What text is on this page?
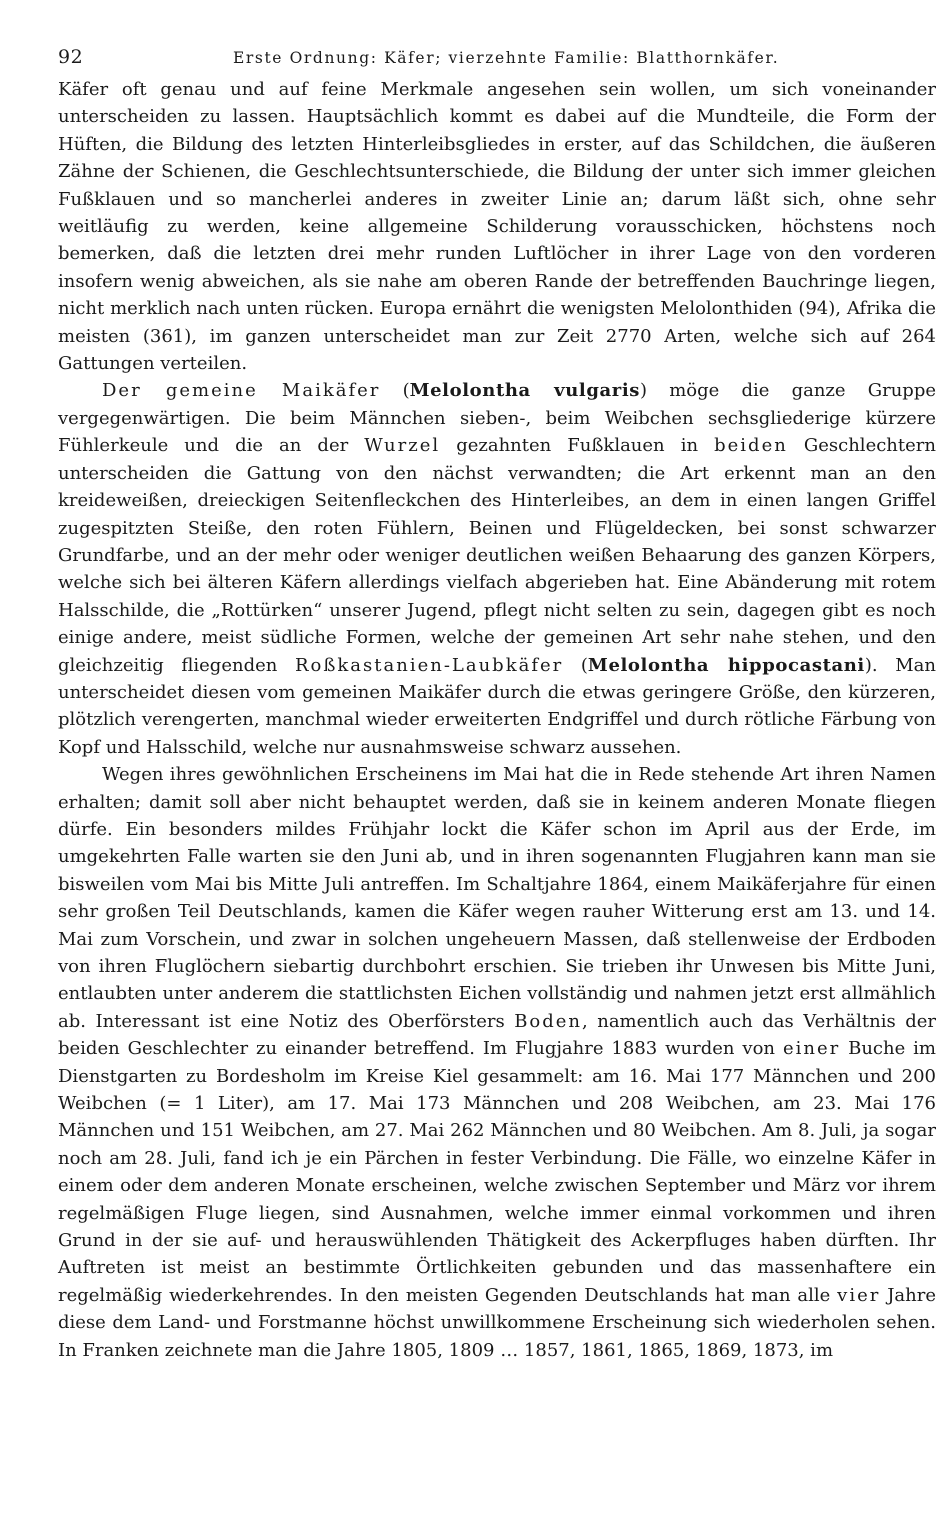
92	Erste Ordnung: Käfer; vierzehnte Familie: Blatthornkäfer.

Käfer oft genau und auf feine Merkmale angesehen sein wollen, um sich voneinander unterscheiden zu lassen. Hauptsächlich kommt es dabei auf die Mundteile, die Form der Hüften, die Bildung des letzten Hinterleibsgliedes in erster, auf das Schildchen, die äußeren Zähne der Schienen, die Geschlechtsunterschiede, die Bildung der unter sich immer gleichen Fußklauen und so mancherlei anderes in zweiter Linie an; darum läßt sich, ohne sehr weitläufig zu werden, keine allgemeine Schilderung vorausschicken, höchstens noch bemerken, daß die letzten drei mehr runden Luftlöcher in ihrer Lage von den vorderen insofern wenig abweichen, als sie nahe am oberen Rande der betreffenden Bauchringe liegen, nicht merklich nach unten rücken. Europa ernährt die wenigsten Melolonthiden (94), Afrika die meisten (361), im ganzen unterscheidet man zur Zeit 2770 Arten, welche sich auf 264 Gattungen verteilen.

Der gemeine Maikäfer (Melolontha vulgaris) möge die ganze Gruppe vergegenwärtigen. Die beim Männchen sieben-, beim Weibchen sechsgliederige kürzere Fühlerkeule und die an der Wurzel gezahnten Fußklauen in beiden Geschlechtern unterscheiden die Gattung von den nächst verwandten; die Art erkennt man an den kreideweißen, dreieckigen Seitenfleckchen des Hinterleibes, an dem in einen langen Griffel zugespitzten Steiße, den roten Fühlern, Beinen und Flügeldecken, bei sonst schwarzer Grundfarbe, und an der mehr oder weniger deutlichen weißen Behaarung des ganzen Körpers, welche sich bei älteren Käfern allerdings vielfach abgerieben hat. Eine Abänderung mit rotem Halsschilde, die „Rottürken“ unserer Jugend, pflegt nicht selten zu sein, dagegen gibt es noch einige andere, meist südliche Formen, welche der gemeinen Art sehr nahe stehen, und den gleichzeitig fliegenden Roßkastanien-Laubkäfer (Melolontha hippocastani). Man unterscheidet diesen vom gemeinen Maikäfer durch die etwas geringere Größe, den kürzeren, plötzlich verengerten, manchmal wieder erweiterten Endgriffel und durch rötliche Färbung von Kopf und Halsschild, welche nur ausnahmsweise schwarz aussehen.

Wegen ihres gewöhnlichen Erscheinens im Mai hat die in Rede stehende Art ihren Namen erhalten; damit soll aber nicht behauptet werden, daß sie in keinem anderen Monate fliegen dürfe. Ein besonders mildes Frühjahr lockt die Käfer schon im April aus der Erde, im umgekehrten Falle warten sie den Juni ab, und in ihren sogenannten Flugjahren kann man sie bisweilen vom Mai bis Mitte Juli antreffen. Im Schaltjahre 1864, einem Maikäferjahre für einen sehr großen Teil Deutschlands, kamen die Käfer wegen rauher Witterung erst am 13. und 14. Mai zum Vorschein, und zwar in solchen ungeheuern Massen, daß stellenweise der Erdboden von ihren Fluglöchern siebartig durchbohrt erschien. Sie trieben ihr Unwesen bis Mitte Juni, entlaubten unter anderem die stattlichsten Eichen vollständig und nahmen jetzt erst allmählich ab. Interessant ist eine Notiz des Oberförsters Boden, namentlich auch das Verhältnis der beiden Geschlechter zu einander betreffend. Im Flugjahre 1883 wurden von einer Buche im Dienstgarten zu Bordesholm im Kreise Kiel gesammelt: am 16. Mai 177 Männchen und 200 Weibchen (= 1 Liter), am 17. Mai 173 Männchen und 208 Weibchen, am 23. Mai 176 Männchen und 151 Weibchen, am 27. Mai 262 Männchen und 80 Weibchen. Am 8. Juli, ja sogar noch am 28. Juli, fand ich je ein Pärchen in fester Verbindung. Die Fälle, wo einzelne Käfer in einem oder dem anderen Monate erscheinen, welche zwischen September und März vor ihrem regelmäßigen Fluge liegen, sind Ausnahmen, welche immer einmal vorkommen und ihren Grund in der sie auf- und herauswühlenden Thätigkeit des Ackerpfluges haben dürften. Ihr Auftreten ist meist an bestimmte Örtlichkeiten gebunden und das massenhaftere ein regelmäßig wiederkehrendes. In den meisten Gegenden Deutschlands hat man alle vier Jahre diese dem Land- und Forstmanne höchst unwillkommene Erscheinung sich wiederholen sehen. In Franken zeichnete man die Jahre 1805, 1809 … 1857, 1861, 1865, 1869, 1873, im
